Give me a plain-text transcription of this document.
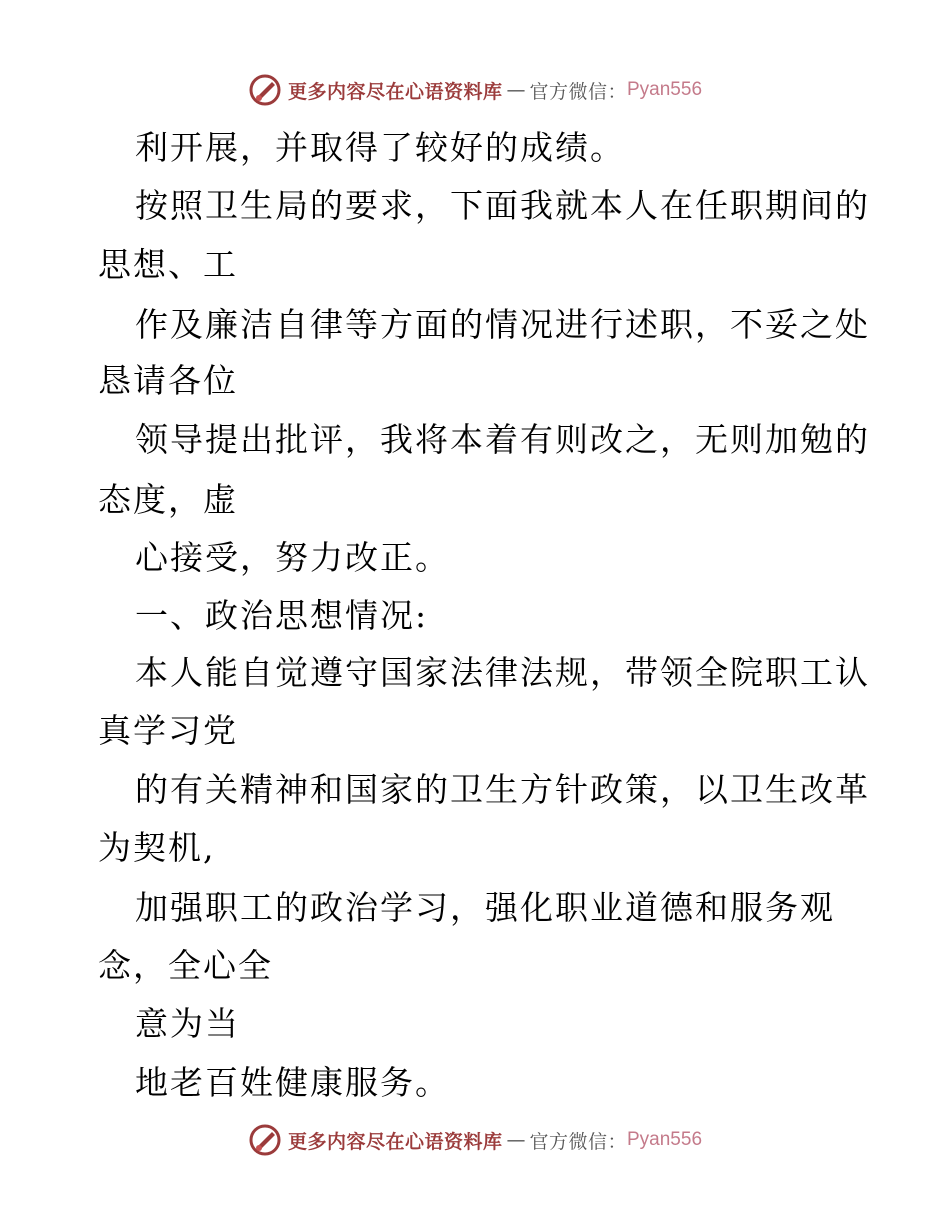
更多内容尽在心语资料库 — 官方微信： Pyan556
利开展，并取得了较好的成绩。
按照卫生局的要求，下面我就本人在任职期间的
思想、工
作及廉洁自律等方面的情况进行述职，不妥之处
恳请各位
领导提出批评，我将本着有则改之，无则加勉的
态度，虚
心接受，努力改正。
一、政治思想情况:
本人能自觉遵守国家法律法规，带领全院职工认
真学习党
的有关精神和国家的卫生方针政策，以卫生改革
为契机,
加强职工的政治学习，强化职业道德和服务观
念，全心全
意为当
地老百姓健康服务。
更多内容尽在心语资料库 — 官方微信： Pyan556
